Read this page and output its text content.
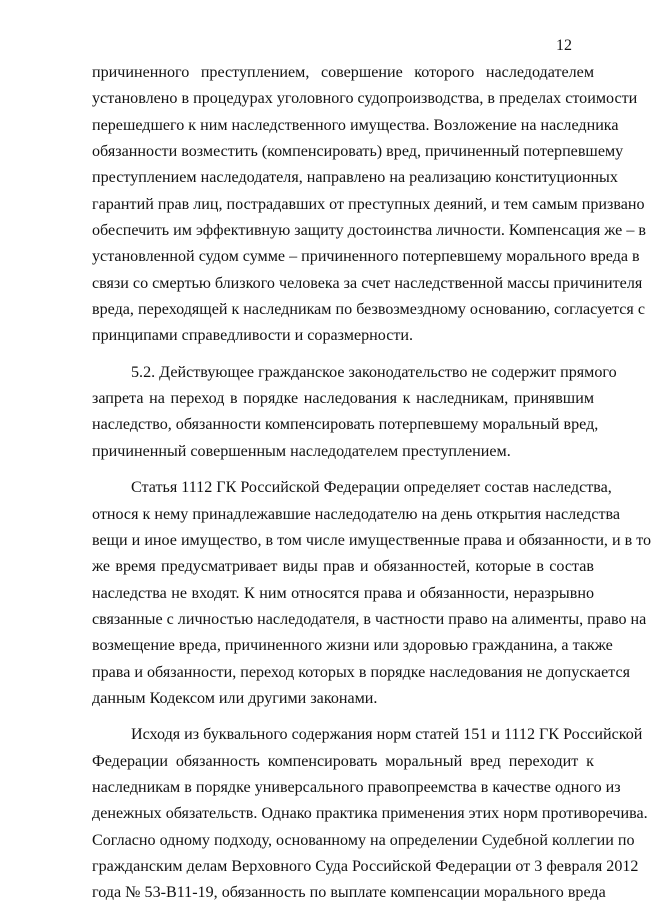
12
причиненного преступлением, совершение которого наследодателем
установлено в процедурах уголовного судопроизводства, в пределах стоимости
перешедшего к ним наследственного имущества. Возложение на наследника
обязанности возместить (компенсировать) вред, причиненный потерпевшему
преступлением наследодателя, направлено на реализацию конституционных
гарантий прав лиц, пострадавших от преступных деяний, и тем самым призвано
обеспечить им эффективную защиту достоинства личности. Компенсация же – в
установленной судом сумме – причиненного потерпевшему морального вреда в
связи со смертью близкого человека за счет наследственной массы причинителя
вреда, переходящей к наследникам по безвозмездному основанию, согласуется с
принципами справедливости и соразмерности.
5.2. Действующее гражданское законодательство не содержит прямого
запрета на переход в порядке наследования к наследникам, принявшим
наследство, обязанности компенсировать потерпевшему моральный вред,
причиненный совершенным наследодателем преступлением.
Статья 1112 ГК Российской Федерации определяет состав наследства,
относя к нему принадлежавшие наследодателю на день открытия наследства
вещи и иное имущество, в том числе имущественные права и обязанности, и в то
же время предусматривает виды прав и обязанностей, которые в состав
наследства не входят. К ним относятся права и обязанности, неразрывно
связанные с личностью наследодателя, в частности право на алименты, право на
возмещение вреда, причиненного жизни или здоровью гражданина, а также
права и обязанности, переход которых в порядке наследования не допускается
данным Кодексом или другими законами.
Исходя из буквального содержания норм статей 151 и 1112 ГК Российской
Федерации обязанность компенсировать моральный вред переходит к
наследникам в порядке универсального правопреемства в качестве одного из
денежных обязательств. Однако практика применения этих норм противоречива.
Согласно одному подходу, основанному на определении Судебной коллегии по
гражданским делам Верховного Суда Российской Федерации от 3 февраля 2012
года № 53-В11-19, обязанность по выплате компенсации морального вреда
